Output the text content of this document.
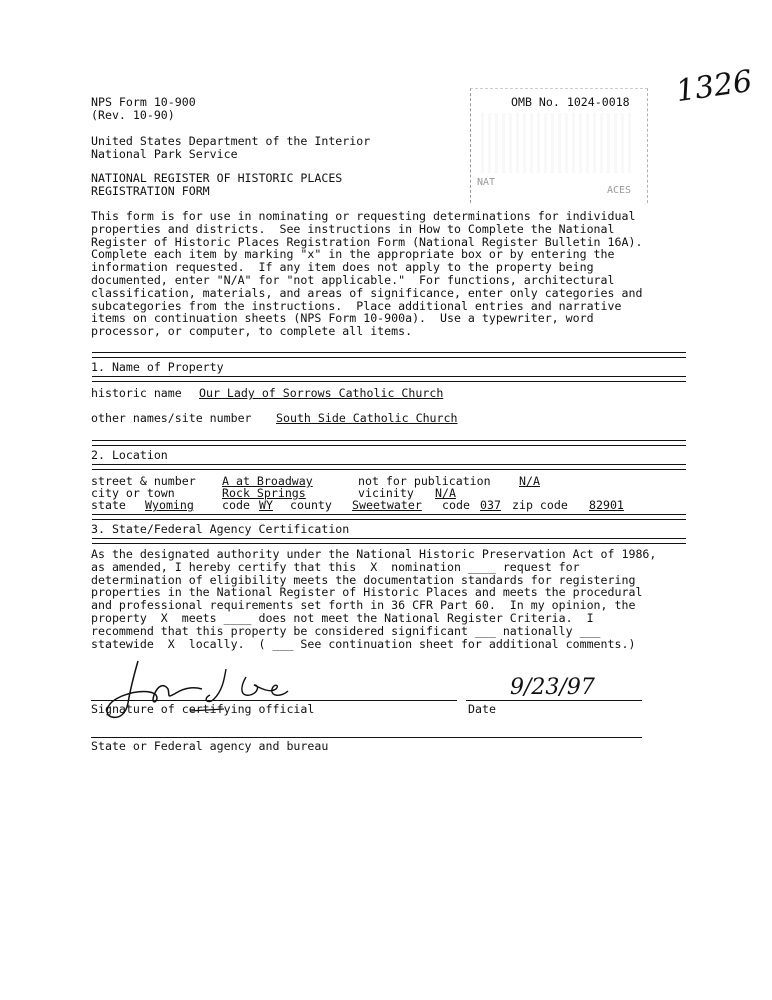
1326
NPS Form 10-900
(Rev. 10-90)
United States Department of the Interior
National Park Service
NATIONAL REGISTER OF HISTORIC PLACES
REGISTRATION FORM
OMB No. 1024-0018
NAT
ACES
This form is for use in nominating or requesting determinations for individual
properties and districts.  See instructions in How to Complete the National
Register of Historic Places Registration Form (National Register Bulletin 16A).
Complete each item by marking "x" in the appropriate box or by entering the
information requested.  If any item does not apply to the property being
documented, enter "N/A" for "not applicable."  For functions, architectural
classification, materials, and areas of significance, enter only categories and
subcategories from the instructions.  Place additional entries and narrative
items on continuation sheets (NPS Form 10-900a).  Use a typewriter, word
processor, or computer, to complete all items.
1. Name of Property
historic name Our Lady of Sorrows Catholic Church
other names/site number South Side Catholic Church
2. Location
street & number A at Broadway	not for publication N/A
city or town	Rock Springs	vicinity N/A
state Wyoming code WY county Sweetwater code 037 zip code 82901
3. State/Federal Agency Certification
As the designated authority under the National Historic Preservation Act of 1986,
as amended, I hereby certify that this  X  nomination ____ request for
determination of eligibility meets the documentation standards for registering
properties in the National Register of Historic Places and meets the procedural
and professional requirements set forth in 36 CFR Part 60.  In my opinion, the
property  X  meets ____ does not meet the National Register Criteria.  I
recommend that this property be considered significant ___ nationally ___
statewide  X  locally.  ( ___ See continuation sheet for additional comments.)
9/23/97
Signature of certifying official	Date
State or Federal agency and bureau
